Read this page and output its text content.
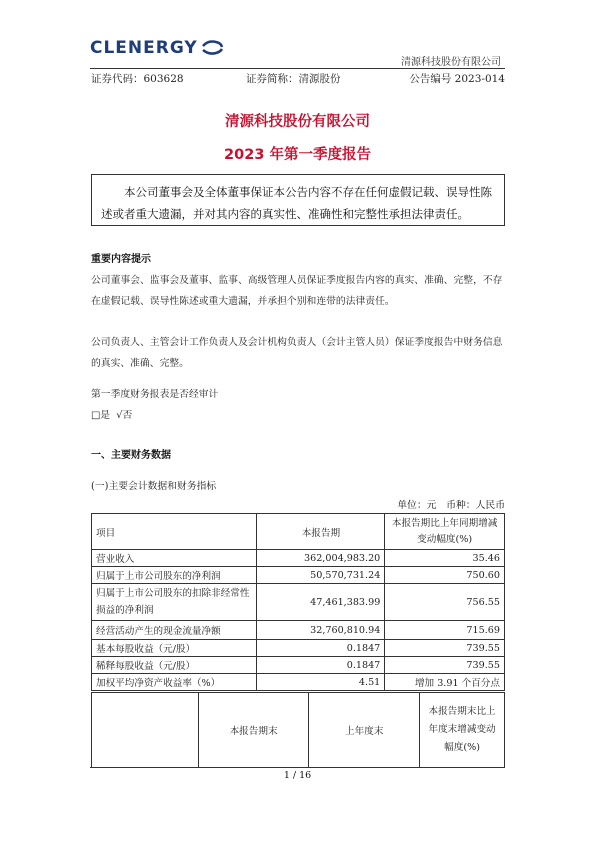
CLENERGY
清源科技股份有限公司
证券代码：603628	证券简称：清源股份	公告编号 2023-014
清源科技股份有限公司
2023 年第一季度报告
本公司董事会及全体董事保证本公告内容不存在任何虚假记载、误导性陈述或者重大遗漏，并对其内容的真实性、准确性和完整性承担法律责任。
重要内容提示
公司董事会、监事会及董事、监事、高级管理人员保证季度报告内容的真实、准确、完整，不存在虚假记载、误导性陈述或重大遗漏，并承担个别和连带的法律责任。
公司负责人、主管会计工作负责人及会计机构负责人（会计主管人员）保证季度报告中财务信息的真实、准确、完整。
第一季度财务报表是否经审计
□是 √否
一、主要财务数据
(一)主要会计数据和财务指标
单位：元　币种：人民币
项目	本报告期	本报告期比上年同期增减变动幅度(%)
营业收入	362,004,983.20	35.46
归属于上市公司股东的净利润	50,570,731.24	750.60
归属于上市公司股东的扣除非经常性损益的净利润	47,461,383.99	756.55
经营活动产生的现金流量净额	32,760,810.94	715.69
基本每股收益（元/股）	0.1847	739.55
稀释每股收益（元/股）	0.1847	739.55
加权平均净资产收益率（%）	4.51	增加 3.91 个百分点
	本报告期末	上年度末	本报告期末比上年度末增减变动幅度(%)
1 / 16
